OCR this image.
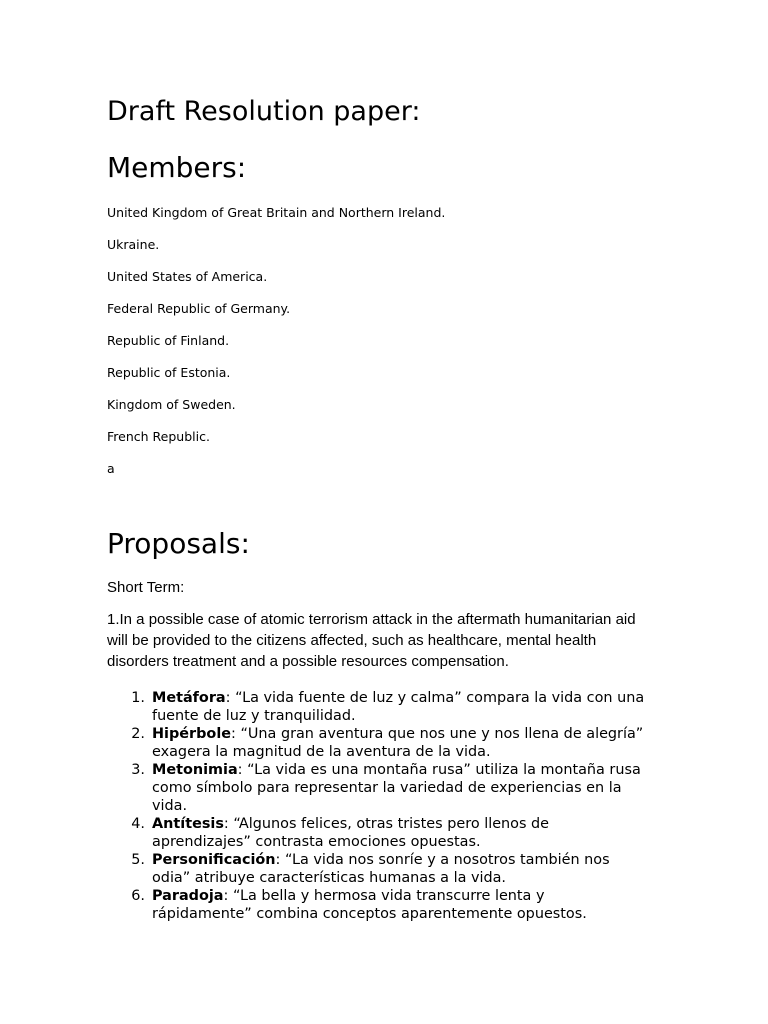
Draft Resolution paper:
Members:

United Kingdom of Great Britain and Northern Ireland.

Ukraine.

United States of America.

Federal Republic of Germany.

Republic of Finland.

Republic of Estonia.

Kingdom of Sweden.

French Republic.

a

Proposals:

Short Term:

1.In a possible case of atomic terrorism attack in the aftermath humanitarian aid will be provided to the citizens affected, such as healthcare, mental health disorders treatment and a possible resources compensation.

1. Metáfora: “La vida fuente de luz y calma” compara la vida con una fuente de luz y tranquilidad.
2. Hipérbole: “Una gran aventura que nos une y nos llena de alegría” exagera la magnitud de la aventura de la vida.
3. Metonimia: “La vida es una montaña rusa” utiliza la montaña rusa como símbolo para representar la variedad de experiencias en la vida.
4. Antítesis: “Algunos felices, otras tristes pero llenos de aprendizajes” contrasta emociones opuestas.
5. Personificación: “La vida nos sonríe y a nosotros también nos odia” atribuye características humanas a la vida.
6. Paradoja: “La bella y hermosa vida transcurre lenta y rápidamente” combina conceptos aparentemente opuestos.
